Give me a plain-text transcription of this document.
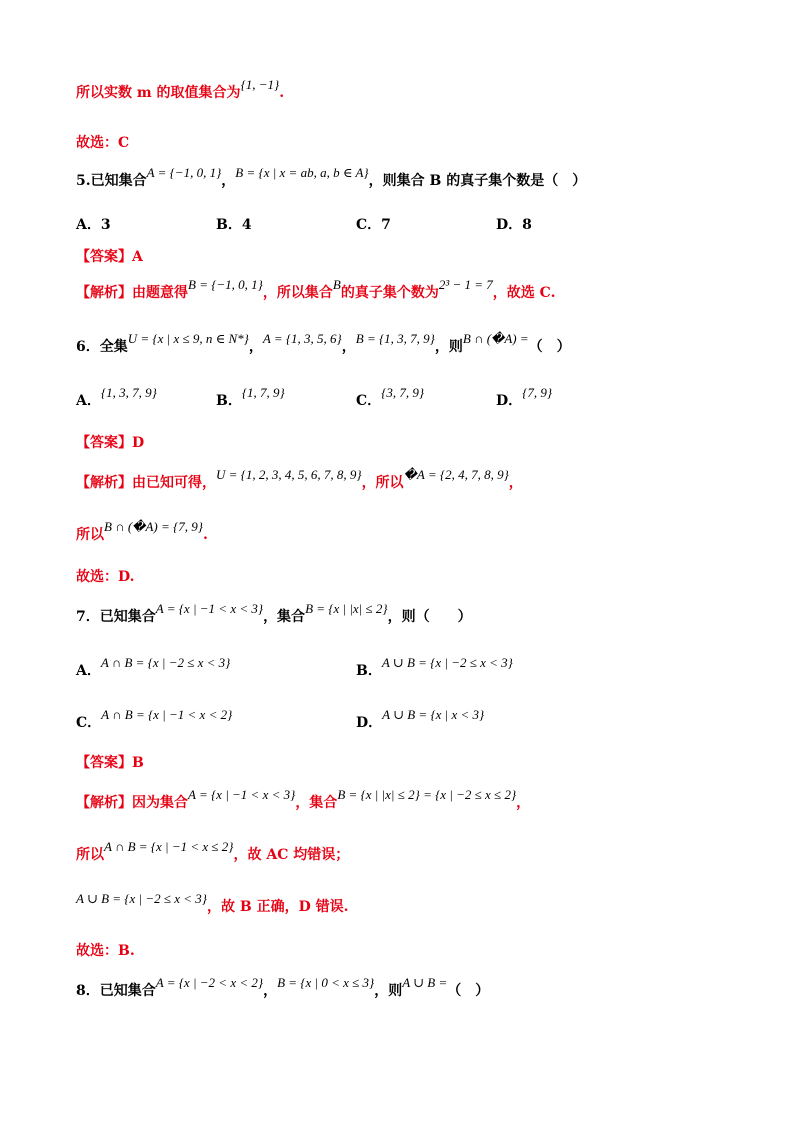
所以实数 m 的取值集合为{1, −1}.
故选：C
5.已知集合A = {−1, 0, 1}，B = {x | x = ab, a, b ∈ A}，则集合 B 的真子集个数是（　）
【答案】A
【解析】由题意得B = {−1, 0, 1}，所以集合B的真子集个数为2³ − 1 = 7，故选 C.
6．全集U = {x | x ≤ 9, n ∈ N*}，A = {1, 3, 5, 6}，B = {1, 3, 7, 9}，则B ∩ (�A) =（　）
【答案】D
【解析】由已知可得，U = {1, 2, 3, 4, 5, 6, 7, 8, 9}，所以�A = {2, 4, 7, 8, 9}，
所以B ∩ (�A) = {7, 9}.
故选：D.
7．已知集合A = {x | −1 < x < 3}，集合B = {x | |x| ≤ 2}，则（　　）
【答案】B
【解析】因为集合A = {x | −1 < x < 3}，集合B = {x | |x| ≤ 2} = {x | −2 ≤ x ≤ 2}，
所以A ∩ B = {x | −1 < x ≤ 2}，故 AC 均错误；
A ∪ B = {x | −2 ≤ x < 3}，故 B 正确，D 错误.
故选：B.
8．已知集合A = {x | −2 < x < 2}，B = {x | 0 < x ≤ 3}，则A ∪ B =（　）
A．3	B．4	C．7	D．8
A．{1, 3, 7, 9}
B．{1, 7, 9}
C．{3, 7, 9}
D．{7, 9}
A．A ∩ B = {x | −2 ≤ x < 3}
B．A ∪ B = {x | −2 ≤ x < 3}
C．A ∩ B = {x | −1 < x < 2}
D．A ∪ B = {x | x < 3}
